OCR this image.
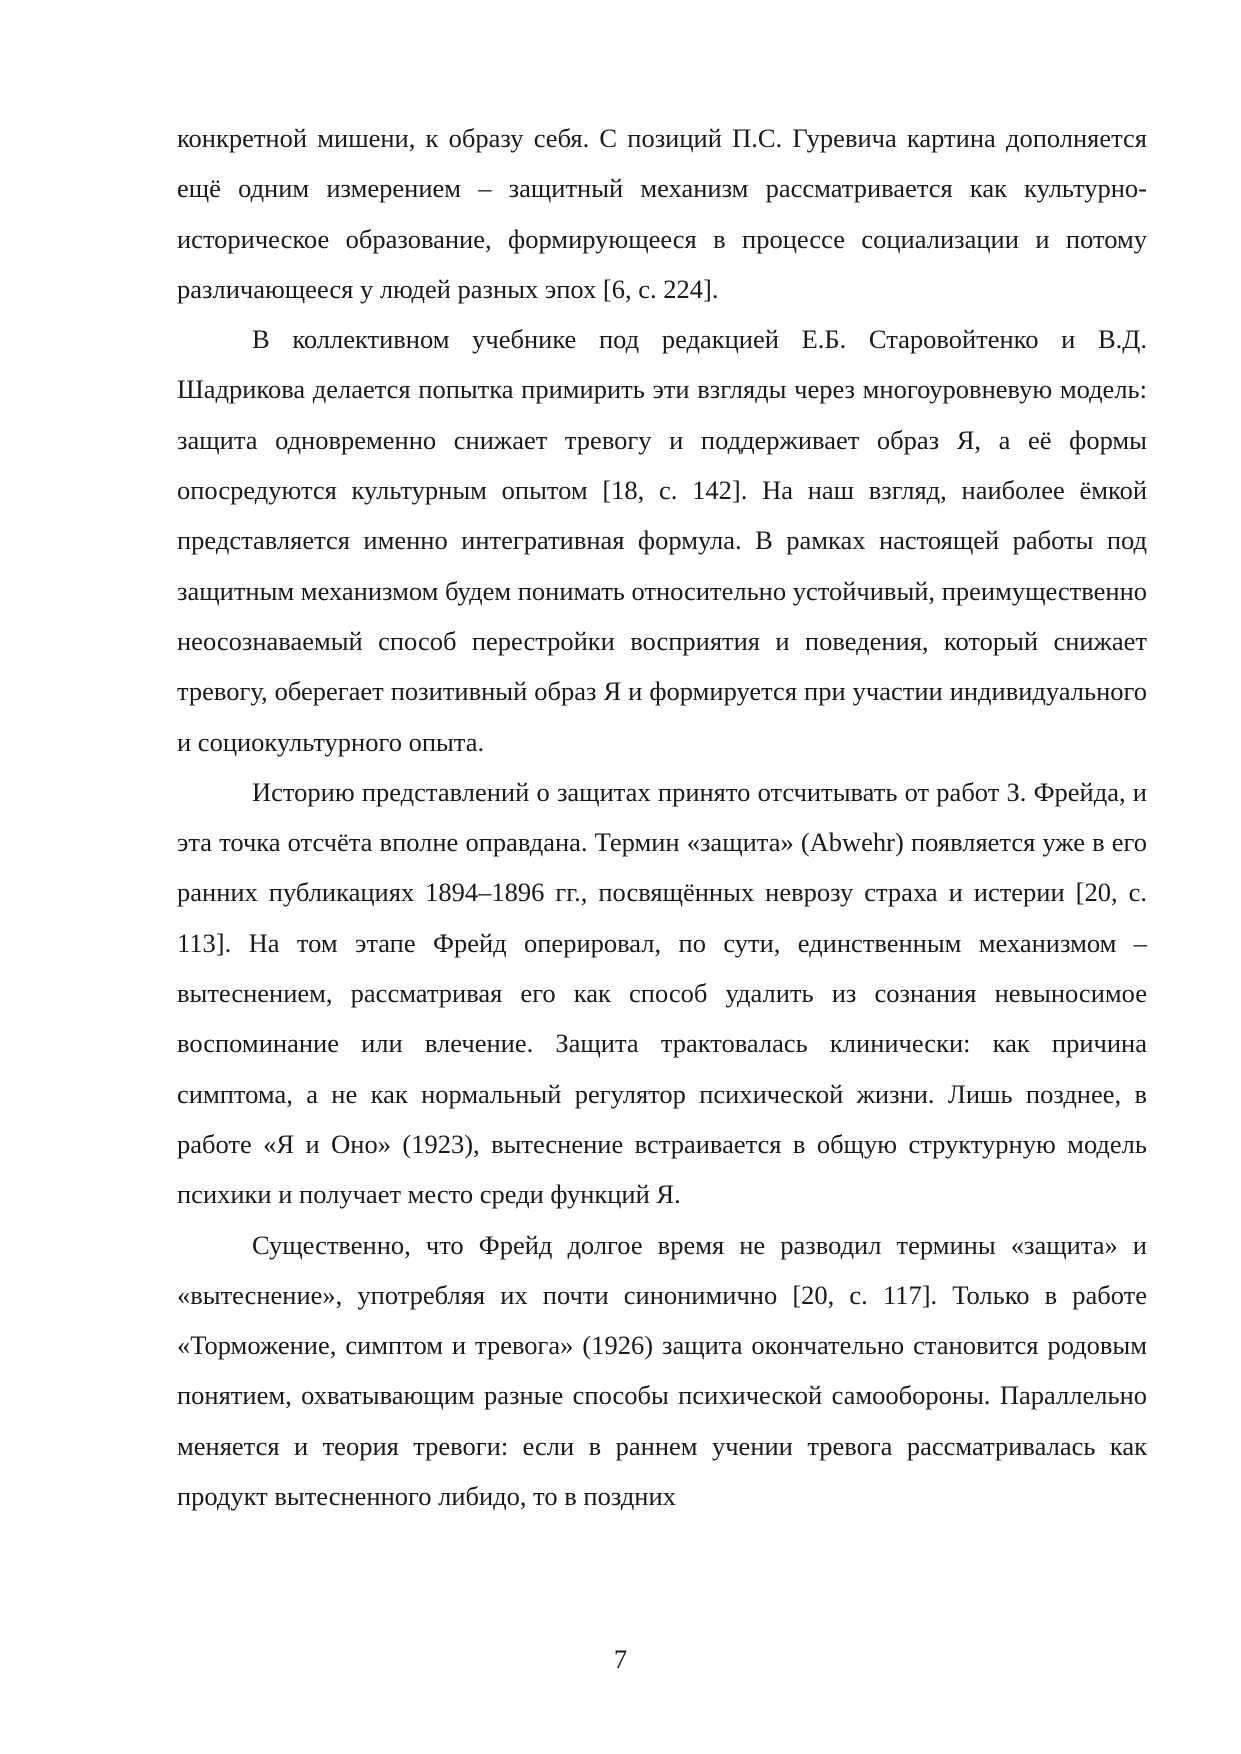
конкретной мишени, к образу себя. С позиций П.С. Гуревича картина дополняется ещё одним измерением – защитный механизм рассматривается как культурно-историческое образование, формирующееся в процессе социализации и потому различающееся у людей разных эпох [6, с. 224].

В коллективном учебнике под редакцией Е.Б. Старовойтенко и В.Д. Шадрикова делается попытка примирить эти взгляды через многоуровневую модель: защита одновременно снижает тревогу и поддерживает образ Я, а её формы опосредуются культурным опытом [18, с. 142]. На наш взгляд, наиболее ёмкой представляется именно интегративная формула. В рамках настоящей работы под защитным механизмом будем понимать относительно устойчивый, преимущественно неосознаваемый способ перестройки восприятия и поведения, который снижает тревогу, оберегает позитивный образ Я и формируется при участии индивидуального и социокультурного опыта.

Историю представлений о защитах принято отсчитывать от работ З. Фрейда, и эта точка отсчёта вполне оправдана. Термин «защита» (Abwehr) появляется уже в его ранних публикациях 1894–1896 гг., посвящённых неврозу страха и истерии [20, с. 113]. На том этапе Фрейд оперировал, по сути, единственным механизмом – вытеснением, рассматривая его как способ удалить из сознания невыносимое воспоминание или влечение. Защита трактовалась клинически: как причина симптома, а не как нормальный регулятор психической жизни. Лишь позднее, в работе «Я и Оно» (1923), вытеснение встраивается в общую структурную модель психики и получает место среди функций Я.

Существенно, что Фрейд долгое время не разводил термины «защита» и «вытеснение», употребляя их почти синонимично [20, с. 117]. Только в работе «Торможение, симптом и тревога» (1926) защита окончательно становится родовым понятием, охватывающим разные способы психической самообороны. Параллельно меняется и теория тревоги: если в раннем учении тревога рассматривалась как продукт вытесненного либидо, то в поздних

7
